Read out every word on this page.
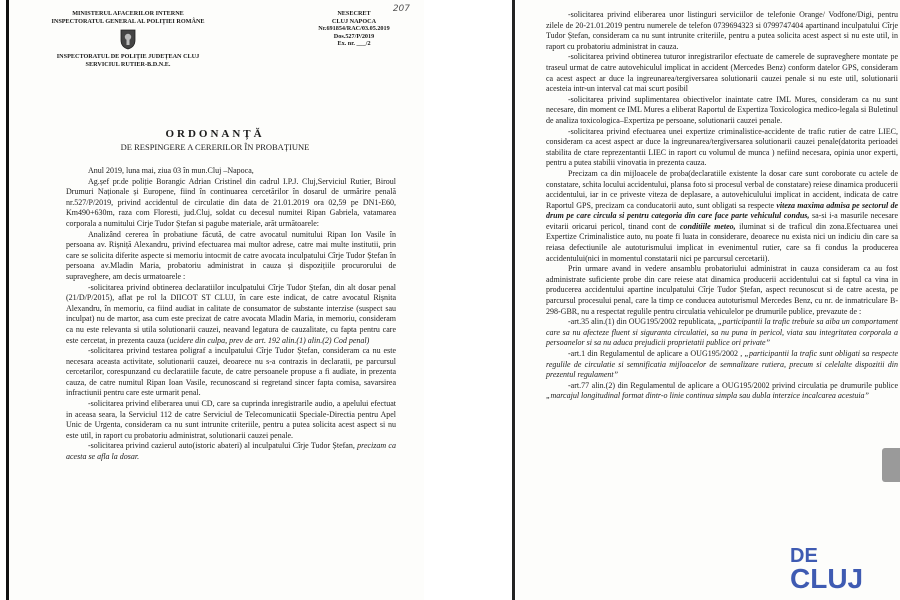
207

MINISTERUL AFACERILOR INTERNE

INSPECTORATUL GENERAL AL POLIȚIEI ROMÂNE

INSPECTORATUL DE POLIȚIE JUDEȚEAN CLUJ

SERVICIUL RUTIER-B.D.N.E.

NESECRET

CLUJ NAPOCA

Nr.691854/RAC/03.05.2019

Dos.527/P/2019

Ex. nr. ___/2

ORDONANȚĂ
DE RESPINGERE A CERERILOR ÎN PROBAȚIUNE

Anul 2019, luna mai, ziua 03 în mun.Cluj –Napoca,

Ag.șef pr.de poliție Borangic Adrian Cristinel din cadrul I.P.J. Cluj,Serviciul Rutier, Biroul Drumuri Naționale și Europene, fiind în continuarea cercetărilor în dosarul de urmărire penală nr.527/P/2019, privind accidentul de circulatie din data de 21.01.2019 ora 02,59 pe DN1-E60, Km490+630m, raza com Floresti, jud.Cluj, soldat cu decesul numitei Ripan Gabriela, vatamarea corporala a numitului Cirje Tudor Ștefan si pagube materiale, arăt următoarele:

Analizând cererea în probatiune făcută, de catre avocatul numitului Ripan Ion Vasile în persoana av. Rișniță Alexandru, privind efectuarea mai multor adrese, catre mai multe institutii, prin care se solicita diferite aspecte si memoriu intocmit de catre avocata inculpatului Cîrje Tudor Ștefan în persoana av.Mladin Maria, probatoriu administrat in cauza și dispozițiile procurorului de supraveghere, am decis urmatoarele :

-solicitarea privind obtinerea declaratiilor inculpatului Cîrje Tudor Ștefan, din alt dosar penal (21/D/P/2015), aflat pe rol la DIICOT ST CLUJ, în care este indicat, de catre avocatul Rișnita Alexandru, în memoriu, ca fiind audiat in calitate de consumator de substante interzise (suspect sau inculpat) nu de martor, asa cum este precizat de catre avocata Mladin Maria, in memoriu, consideram ca nu este relevanta si utila solutionarii cauzei, neavand legatura de cauzalitate, cu fapta pentru care este cercetat, in prezenta cauza (ucidere din culpa, prev de art. 192 alin.(1) alin.(2) Cod penal)

-solicitarea privind testarea poligraf a inculpatului Cîrje Tudor Ștefan, consideram ca nu este necesara aceasta activitate, solutionarii cauzei, deoarece nu s-a contrazis in declaratii, pe parcursul cercetarilor, corespunzand cu declaratiile facute, de catre persoanele propuse a fi audiate, in prezenta cauza, de catre numitul Ripan Ioan Vasile, recunoscand si regretand sincer fapta comisa, savarsirea infractiunii pentru care este urmarit penal.

-solicitarea privind eliberarea unui CD, care sa cuprinda inregistrarile audio, a apelului efectuat in aceasa seara, la Serviciul 112 de catre Serviciul de Telecomunicatii Speciale-Directia pentru Apel Unic de Urgenta, consideram ca nu sunt intrunite criteriile, pentru a putea solicita acest aspect si nu este util, in raport cu probatoriu administrat, solutionarii cauzei penale.

-solicitarea privind cazierul auto(istoric abateri) al inculpatului Cîrje Tudor Ștefan, precizam ca acesta se afla la dosar.

-solicitarea privind eliberarea unor listinguri serviciilor de telefonie Orange/ Vodfone/Digi, pentru zilele de 20-21.01.2019 pentru numerele de telefon 0739694323 si 0799747404 apartinand inculpatului Cîrje Tudor Ștefan, consideram ca nu sunt intrunite criteriile, pentru a putea solicita acest aspect si nu este util, in raport cu probatoriu administrat in cauza.

-solicitarea privind obtinerea tuturor inregistrarilor efectuate de camerele de supraveghere montate pe traseul urmat de catre autovehiculul implicat in accident (Mercedes Benz) conform datelor GPS, consideram ca acest aspect ar duce la ingreunarea/tergiversarea solutionarii cauzei penale si nu este util, solutionarii acesteia intr-un interval cat mai scurt posibil

-solicitarea privind suplimentarea obiectivelor inaintate catre IML Mures, consideram ca nu sunt necesare, din moment ce IML Mures a eliberat Raportul de Expertiza Toxicologica medico-legala si Buletinul de analiza toxicologica–Expertiza pe persoane, solutionarii cauzei penale.

-solicitarea privind efectuarea unei expertize criminalistice-accidente de trafic rutier de catre LIEC, consideram ca acest aspect ar duce la ingreunarea/tergiversarea solutionarii cauzei penale(datorita perioadei stabilita de ctare reprezentantii LIEC in raport cu volumul de munca ) nefiind necesara, opinia unor experti, pentru a putea stabilii vinovatia in prezenta cauza.

Precizam ca din mijloacele de proba(declaratiile existente la dosar care sunt coroborate cu actele de constatare, schita locului accidentului, plansa foto si procesul verbal de constatare) reiese dinamica producerii accidentului, iar in ce priveste viteza de deplasare, a autovehiculului implicat in accident, indicata de catre Raportul GPS, precizam ca conducatorii auto, sunt obligati sa respecte viteza maxima admisa pe sectorul de drum pe care circula si pentru categoria din care face parte vehiculul condus, sa-si i-a masurile necesare evitarii oricarui pericol, tinand cont de conditiile meteo, iluminat si de traficul din zona.Efectuarea unei Expertize Criminalistice auto, nu poate fi luata in considerare, deoarece nu exista nici un indiciu din care sa reiasa defectiunile ale autoturismului implicat in evenimentul rutier, care sa fi condus la producerea accidentului(nici in momentul constatarii nici pe parcursul cercetarii).

Prin urmare avand in vedere ansamblu probatoriului administrat in cauza consideram ca au fost administrate suficiente probe din care reiese atat dinamica producerii accidentului cat si faptul ca vina in producerea accidentului apartine inculpatului Cîrje Tudor Ștefan, aspect recunoscut si de catre acesta, pe parcursul procesului penal, care la timp ce conducea autoturismul Mercedes Benz, cu nr. de inmatriculare B-298-GBR, nu a respectat regulile pentru circulatia vehiculelor pe drumurile publice, prevazute de :

-art.35 alin.(1) din OUG195/2002 republicata, „participantii la trafic trebuie sa aiba un comportament care sa nu afecteze fluent si siguranta circulatiei, sa nu puna in pericol, viata sau integritatea corporala a persoanelor si sa nu aduca prejudicii proprietatii publice ori private”

-art.1 din Regulamentul de aplicare a OUG195/2002 , „participantii la trafic sunt obligati sa respecte regulile de circulatie si semnificatia mijloacelor de semnalizare rutiera, precum si celelalte dispozitii din prezentul regulament”

-art.77 alin.(2) din Regulamentul de aplicare a OUG195/2002 privind circulatia pe drumurile publice „marcajul longitudinal format dintr-o linie continua simpla sau dubla interzice incalcarea acestuia”

DE
CLUJ
